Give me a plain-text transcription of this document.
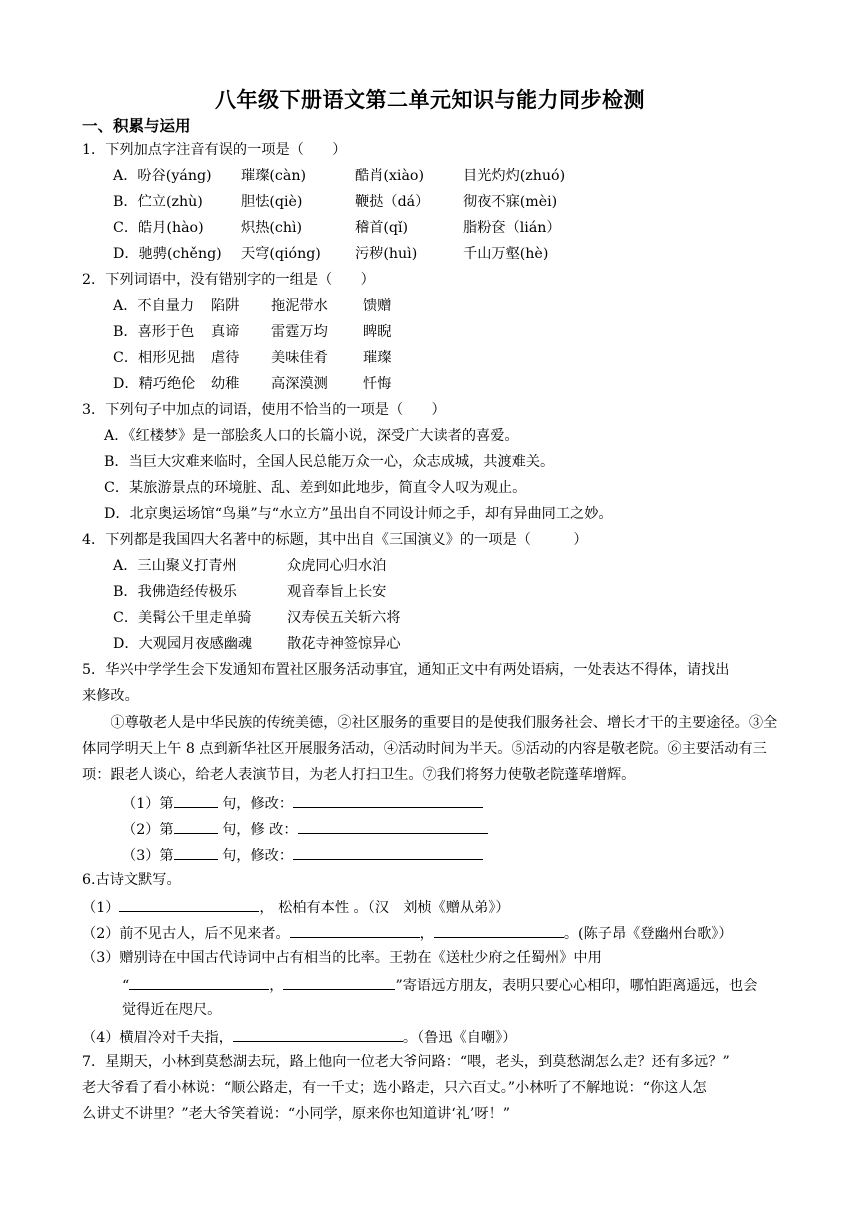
八年级下册语文第二单元知识与能力同步检测
一、积累与运用
1．下列加点字注音有误的一项是（　　）
A．吩谷(yáng) 璀璨(càn)	酷肖(xiào)	目光灼灼(zhuó)
B．伫立(zhù)	胆怯(qiè)	鞭挞（dá） 彻夜不寐(mèi)
C．皓月(hào)	炽热(chì)	稽首(qǐ)	脂粉奁（lián）
D．驰骋(chěng) 天穹(qióng) 污秽(huì)	千山万壑(hè)
2．下列词语中，没有错别字的一组是（　　）
A．不自量力 陷阱 拖泥带水 馈赠
B．喜形于色 真谛 雷霆万均 睥睨
C．相形见拙 虐待 美味佳肴 璀璨
D．精巧绝伦 幼稚 高深漠测 忏悔
3．下列句子中加点的词语，使用不恰当的一项是（　　）
A．《红楼梦》是一部脍炙人口的长篇小说，深受广大读者的喜爱。
B．当巨大灾难来临时，全国人民总能万众一心，众志成城，共渡难关。
C．某旅游景点的环境脏、乱、差到如此地步，简直令人叹为观止。
D．北京奥运场馆“鸟巢”与“水立方”虽出自不同设计师之手，却有异曲同工之妙。
4．下列都是我国四大名著中的标题，其中出自《三国演义》的一项是（　　　）
A．三山聚义打青州	众虎同心归水泊
B．我佛造经传极乐	观音奉旨上长安
C．美髯公千里走单骑 汉寿侯五关斩六将
D．大观园月夜感幽魂 散花寺神签惊异心
5．华兴中学学生会下发通知布置社区服务活动事宜，通知正文中有两处语病，一处表达不得体，请找出
来修改。
①尊敬老人是中华民族的传统美德，②社区服务的重要目的是使我们服务社会、增长才干的主要途径。③全体同学明天上午 8 点到新华社区开展服务活动，④活动时间为半天。⑤活动的内容是敬老院。⑥主要活动有三项：跟老人谈心，给老人表演节目，为老人打扫卫生。⑦我们将努力使敬老院蓬荜增辉。
（1）第	句，修改：
（2）第	句，修 改：
（3）第	句，修改：
6.古诗文默写。
（1）	， 松柏有本性 。（汉　刘桢《赠从弟》）
（2）前不见古人，后不见来者。	，	。(陈子昂《登幽州台歌》）
（3）赠别诗在中国古代诗词中占有相当的比率。王勃在《送杜少府之任蜀州》中用
“	，	”寄语远方朋友，表明只要心心相印，哪怕距离遥远，也会
觉得近在咫尺。
（4）横眉冷对千夫指，	。（鲁迅《自嘲》）
7．星期天，小林到莫愁湖去玩，路上他向一位老大爷问路：“喂，老头，到莫愁湖怎么走？还有多远？”
老大爷看了看小林说：“顺公路走，有一千丈；选小路走，只六百丈。”小林听了不解地说：“你这人怎
么讲丈不讲里？”老大爷笑着说：“小同学，原来你也知道讲‘礼’呀！”
